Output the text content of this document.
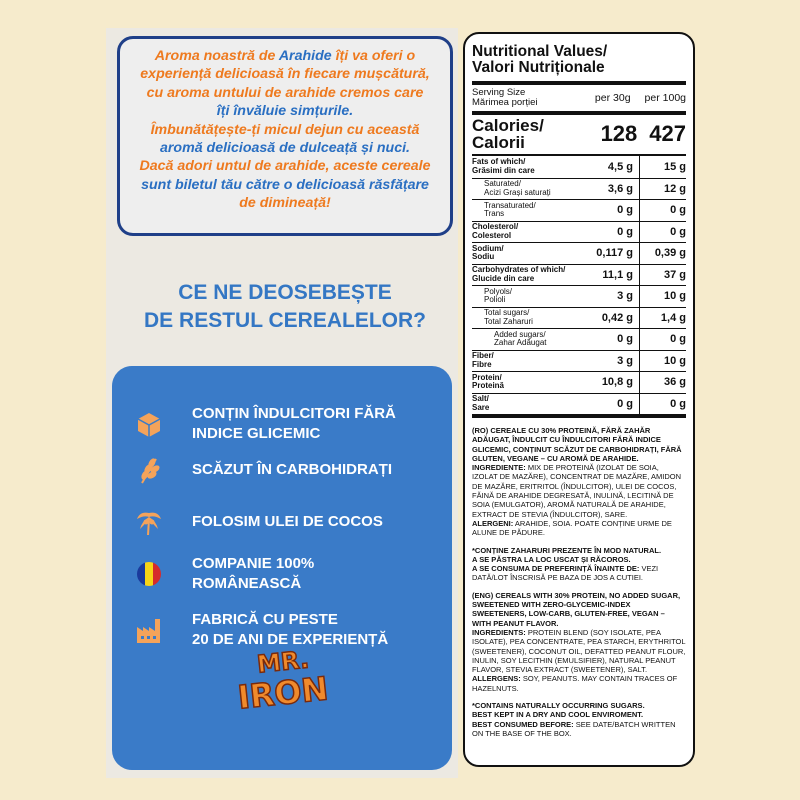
Aroma noastră de Arahide îți va oferi o
experiență delicioasă în fiecare mușcătură,
cu aroma untului de arahide cremos care
îți învăluie simțurile.
Îmbunătățește-ți micul dejun cu această
aromă delicioasă de dulceață și nuci.
Dacă adori untul de arahide, aceste cereale
sunt biletul tău către o delicioasă răsfățare
de dimineață!

CE NE DEOSEBEȘTE
DE RESTUL CEREALELOR?
CONȚIN ÎNDULCITORI FĂRĂ
INDICE GLICEMIC
SCĂZUT ÎN CARBOHIDRAȚI
FOLOSIM ULEI DE COCOS
COMPANIE 100%
ROMÂNEASCĂ
FABRICĂ CU PESTE
20 DE ANI DE EXPERIENȚĂ
MR.
IRON
Nutritional Values/
Valori Nutriționale
Serving Size
Mărimea porției	per 30g per 100g
Calories/
Calorii	128 427
Fats of which/
Grăsimi din care	4,5 g	15 g
Saturated/
Acizi Grași saturați	3,6 g	12 g
Transaturated/
Trans	0 g	0 g
Cholesterol/
Colesterol	0 g	0 g
Sodium/
Sodiu	0,117 g	0,39 g
Carbohydrates of which/
Glucide din care	11,1 g	37 g
Polyols/
Polioli	3 g	10 g
Total sugars/
Total Zaharuri	0,42 g	1,4 g
Added sugars/
Zahar Adăugat	0 g	0 g
Fiber/
Fibre	3 g	10 g
Protein/
Proteină	10,8 g	36 g
Salt/
Sare	0 g	0 g

(RO) CEREALE CU 30% PROTEINĂ, FĂRĂ ZAHĂR ADĂUGAT, ÎNDULCIT CU ÎNDULCITORI FĂRĂ INDICE GLICEMIC, CONȚINUT SCĂZUT DE CARBOHIDRAȚI, FĂRĂ GLUTEN, VEGANE – CU AROMĂ DE ARAHIDE.
INGREDIENTE: MIX DE PROTEINĂ (IZOLAT DE SOIA, IZOLAT DE MAZĂRE), CONCENTRAT DE MAZĂRE, AMIDON DE MAZĂRE, ERITRITOL (ÎNDULCITOR), ULEI DE COCOS, FĂINĂ DE ARAHIDE DEGRESATĂ, INULINĂ, LECITINĂ DE SOIA (EMULGATOR), AROMĂ NATURALĂ DE ARAHIDE, EXTRACT DE STEVIA (ÎNDULCITOR), SARE.
ALERGENI: ARAHIDE, SOIA. POATE CONȚINE URME DE ALUNE DE PĂDURE.

*CONȚINE ZAHARURI PREZENTE ÎN MOD NATURAL.
A SE PĂSTRA LA LOC USCAT ȘI RĂCOROS.
A SE CONSUMA DE PREFERINȚĂ ÎNAINTE DE: VEZI DATĂ/LOT ÎNSCRISĂ PE BAZA DE JOS A CUTIEI.

(ENG) CEREALS WITH 30% PROTEIN, NO ADDED SUGAR, SWEETENED WITH ZERO-GLYCEMIC-INDEX SWEETENERS, LOW-CARB, GLUTEN-FREE, VEGAN – WITH PEANUT FLAVOR.
INGREDIENTS: PROTEIN BLEND (SOY ISOLATE, PEA ISOLATE), PEA CONCENTRATE, PEA STARCH, ERYTHRITOL (SWEETENER), COCONUT OIL, DEFATTED PEANUT FLOUR, INULIN, SOY LECITHIN (EMULSIFIER), NATURAL PEANUT FLAVOR, STEVIA EXTRACT (SWEETENER), SALT.
ALLERGENS: SOY, PEANUTS. MAY CONTAIN TRACES OF HAZELNUTS.

*CONTAINS NATURALLY OCCURRING SUGARS.
BEST KEPT IN A DRY AND COOL ENVIROMENT.
BEST CONSUMED BEFORE: SEE DATE/BATCH WRITTEN ON THE BASE OF THE BOX.
